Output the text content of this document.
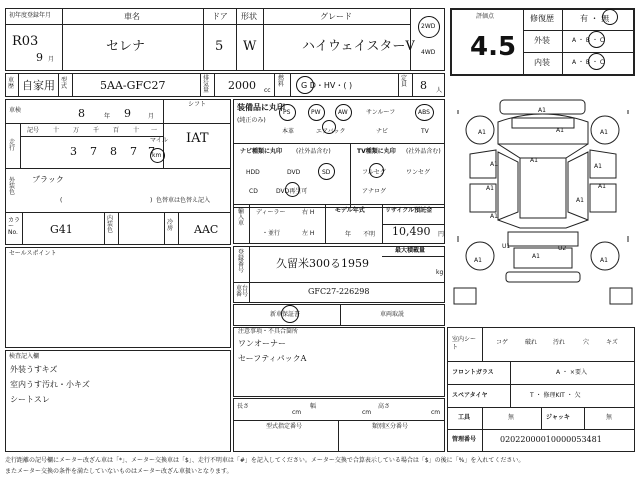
初年度登録年月
R03
9 月
車名
セレナ
ドア
5
形状
W
グレード
ハイウェイスターV
2WD
4WD
車歴 自家用 型式	5AA-GFC27
排気量 2000 cc
燃料 G D・HV・( )
定員 8 人
評価点
4.5
修復歴	有 ・ 無
外装	A ・ B ・ C
内装	A ・ B ・ C
車検	8	年 9	月
シフト
IAT
走行
記号 十 万 千 百 十 一
3 7 8 7 7
マイル
km
外装色
ブラック
(	) 色替車は色替え記入
カラーNo.	G41
内装色
冷房 AAC
装備品に丸印
(純正のみ)
PS	PW	AW	サンルーフ	ABS
本革	エアバック	ナビ	TV
ナビ種類に丸印 (社外品含む)
HDD	DVD	SD
CD	DVD再生可
TV種類に丸印 (社外品含む)
フルセグ	ワンセグ
アナログ
輸入車
ディーラー
・並行
右 H
左 H
モデル年式
年 不明
リサイクル預託金
10,490 円
最大積載量
kg
登録番号
久留米300る1959
車台番号	GFC27-226298
新車保証書	車両取説
セールスポイント
検査記入欄
外装うすキズ
室内うす汚れ・小キズ
シートスレ
注意事項・不具合箇所
ワンオーナー
セーフティパックA
長さ
cm
幅
cm
高さ
cm
型式指定番号	類別区分番号
A1
A1
A1	A1
A1	A1
A1	A1
A1
A1
A1
U1	U2
A1
A1
A1
室内シート
コゲ	破れ	汚れ	穴	キズ
フロントガラス	A ・ ×要入
スペアタイヤ	T ・ 修理KIT ・ 欠
工具	無	ジャッキ	無
管理番号	02022000010000053481
走行距離の記号欄にメーター改ざん車は「*」、メーター交換車は「$」、走行不明車は「#」を記入してください。メーター交換で合算表示している場合は「$」の後に「%」を入れてください。
またメーター交換の条件を満たしていないものはメーター改ざん車扱いとなります。
